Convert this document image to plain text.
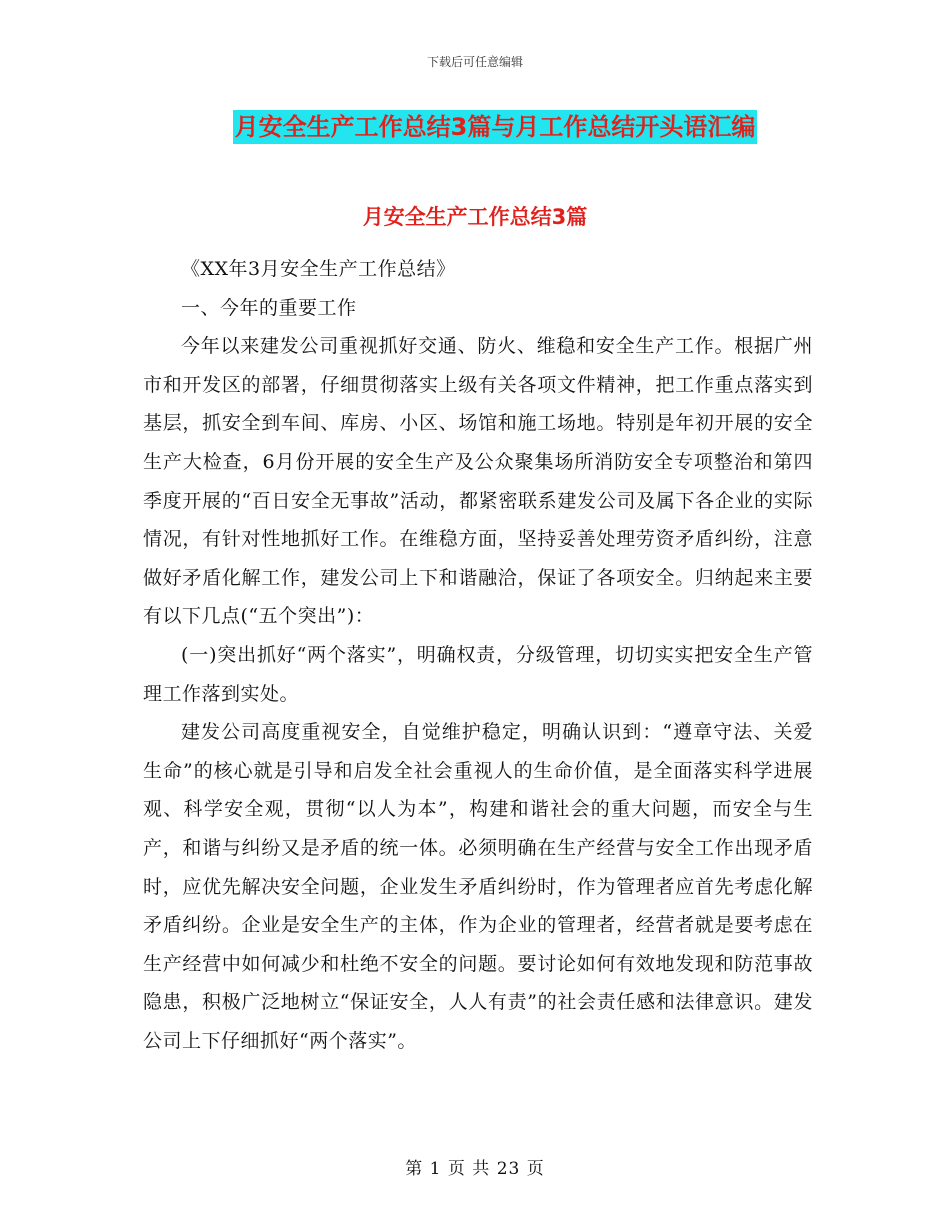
下载后可任意编辑
月安全生产工作总结3篇与月工作总结开头语汇编
月安全生产工作总结3篇

《XX年3月安全生产工作总结》

一、今年的重要工作

今年以来建发公司重视抓好交通、防火、维稳和安全生产工作。根据广州市和开发区的部署，仔细贯彻落实上级有关各项文件精神，把工作重点落实到基层，抓安全到车间、库房、小区、场馆和施工场地。特别是年初开展的安全生产大检查，6月份开展的安全生产及公众聚集场所消防安全专项整治和第四季度开展的“百日安全无事故”活动，都紧密联系建发公司及属下各企业的实际情况，有针对性地抓好工作。在维稳方面，坚持妥善处理劳资矛盾纠纷，注意做好矛盾化解工作，建发公司上下和谐融洽，保证了各项安全。归纳起来主要有以下几点(“五个突出”)：

(一)突出抓好“两个落实”，明确权责，分级管理，切切实实把安全生产管理工作落到实处。

建发公司高度重视安全，自觉维护稳定，明确认识到：“遵章守法、关爱生命”的核心就是引导和启发全社会重视人的生命价值，是全面落实科学进展观、科学安全观，贯彻“以人为本”，构建和谐社会的重大问题，而安全与生产，和谐与纠纷又是矛盾的统一体。必须明确在生产经营与安全工作出现矛盾时，应优先解决安全问题，企业发生矛盾纠纷时，作为管理者应首先考虑化解矛盾纠纷。企业是安全生产的主体，作为企业的管理者，经营者就是要考虑在生产经营中如何减少和杜绝不安全的问题。要讨论如何有效地发现和防范事故隐患，积极广泛地树立“保证安全，人人有责”的社会责任感和法律意识。建发公司上下仔细抓好“两个落实”。

第 1 页 共 23 页
